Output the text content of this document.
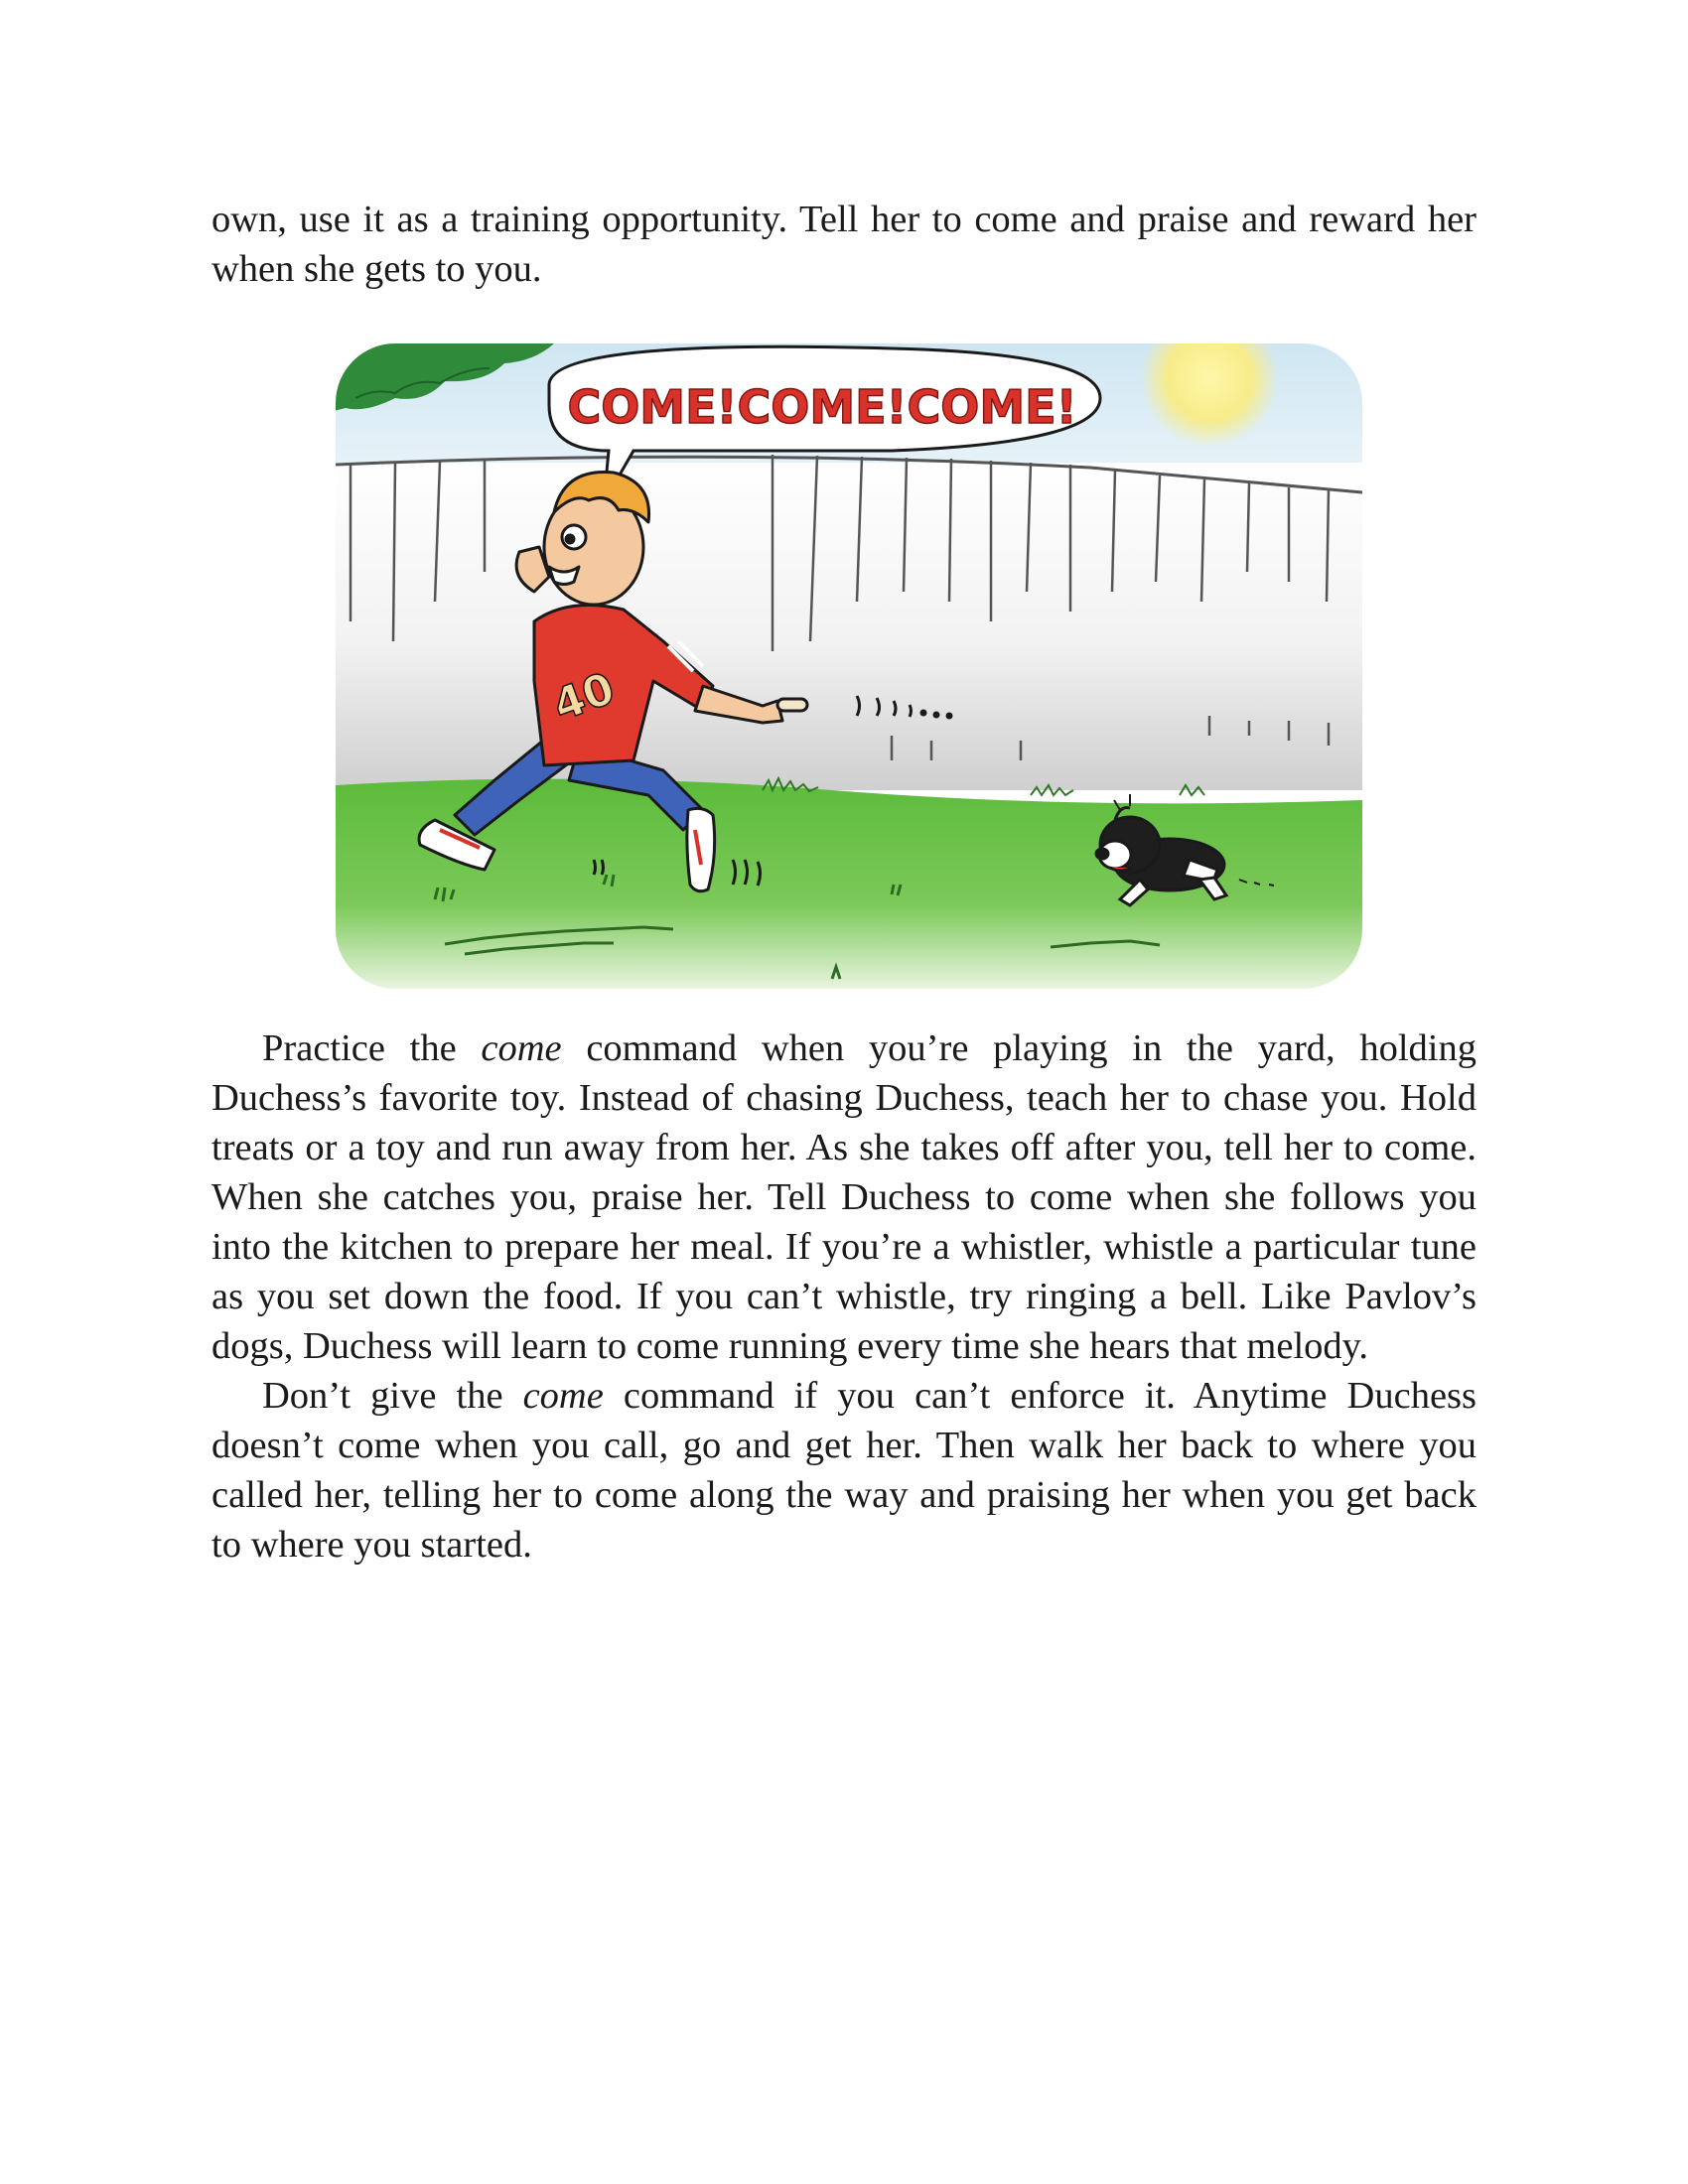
own, use it as a training opportunity. Tell her to come and praise and reward her when she gets to you.

COME!COME!COME!
40

Practice the come command when you’re playing in the yard, holding Duchess’s favorite toy. Instead of chasing Duchess, teach her to chase you. Hold treats or a toy and run away from her. As she takes off after you, tell her to come. When she catches you, praise her. Tell Duchess to come when she follows you into the kitchen to prepare her meal. If you’re a whistler, whistle a particular tune as you set down the food. If you can’t whistle, try ringing a bell. Like Pavlov’s dogs, Duchess will learn to come running every time she hears that melody.

Don’t give the come command if you can’t enforce it. Anytime Duchess doesn’t come when you call, go and get her. Then walk her back to where you called her, telling her to come along the way and praising her when you get back to where you started.
